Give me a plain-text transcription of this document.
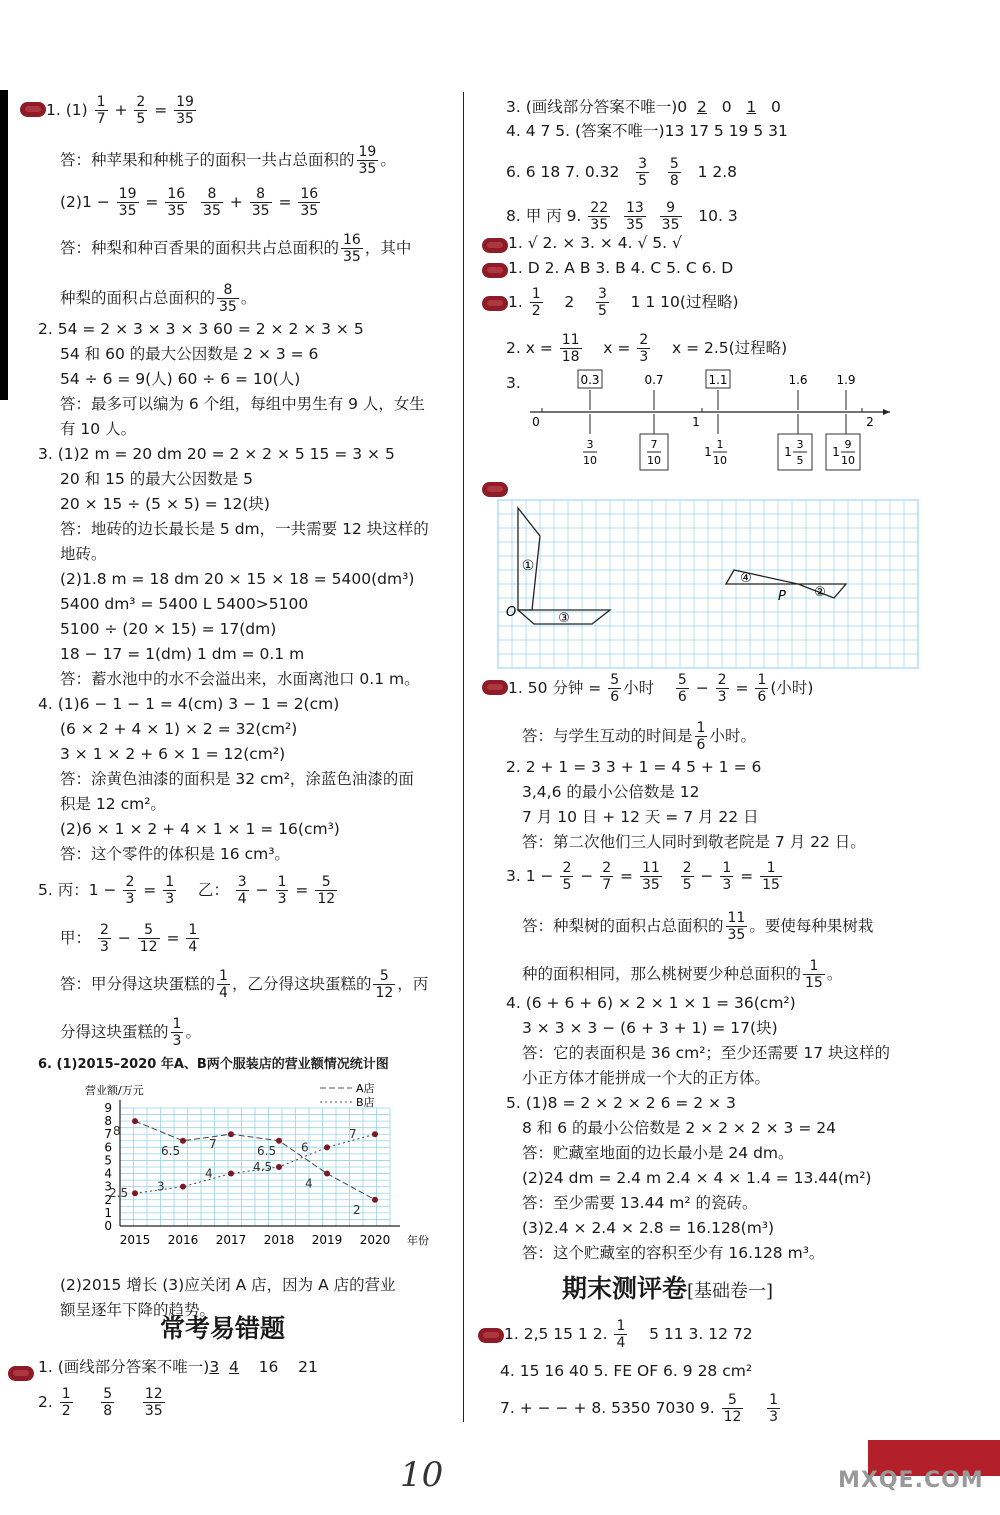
1. $(1) \frac{1}{7} + \frac{2}{5} = \frac{19}{35}$
答：种苹果和种桃子的面积一共占总面积的 $\frac{19}{35}$ 。
$(2)1 - \frac{19}{35} = \frac{16}{35}$
$\frac{8}{35} + \frac{8}{35} = \frac{16}{35}$
答：种梨和种百香果的面积共占总面积的 $\frac{16}{35}$ ，其中
种梨的面积占总面积的 $\frac{8}{35}$ 。
2. 54 = 2 × 3 × 3 × 3 60 = 2 × 2 × 3 × 5
54 和 60 的最大公因数是 2 × 3 = 6
54 ÷ 6 = 9(人) 60 ÷ 6 = 10(人)
答：最多可以编为 6 个组，每组中男生有 9 人，女生
有 10 人。
3. (1)2 m = 20 dm 20 = 2 × 2 × 5 15 = 3 × 5
20 和 15 的最大公因数是 5
20 × 15 ÷ (5 × 5) = 12(块)
答：地砖的边长最长是 5 dm，一共需要 12 块这样的
地砖。
(2)1.8 m = 18 dm 20 × 15 × 18 = 5400(dm³)
5400 dm³ = 5400 L 5400>5100
5100 ÷ (20 × 15) = 17(dm)
18 − 17 = 1(dm) 1 dm = 0.1 m
答：蓄水池中的水不会溢出来，水面离池口 0.1 m。
4. (1)6 − 1 − 1 = 4(cm) 3 − 1 = 2(cm)
(6 × 2 + 4 × 1) × 2 = 32(cm²)
3 × 1 × 2 + 6 × 1 = 12(cm²)
答：涂黄色油漆的面积是 32 cm²，涂蓝色油漆的面
积是 12 cm²。
(2)6 × 1 × 2 + 4 × 1 × 1 = 16(cm³)
答：这个零件的体积是 16 cm³。
5. 丙：$1 - \frac{2}{3} = \frac{1}{3}$ 乙： $\frac{3}{4} - \frac{1}{3} = \frac{5}{12}$
甲： $\frac{2}{3} - \frac{5}{12} = \frac{1}{4}$
答：甲分得这块蛋糕的 $\frac{1}{4}$ ，乙分得这块蛋糕的 $\frac{5}{12}$ ，丙
分得这块蛋糕的 $\frac{1}{3}$ 。
6. (1)2015–2020 年A、B两个服装店的营业额情况统计图
0
1
2
3
4
5
6
7
8
9
2015 2016 2017 2018 2019 2020 年份
营业额/万元	A店
B店
8
6.5 7	6.5
4
2
2.5 3
4	4.5
6
7
(2)2015 增长 (3)应关闭 A 店，因为 A 店的营业
额呈逐年下降的趋势。
常考易错题
1. (画线部分答案不唯一)3 4 16 21
2. $\frac{1}{2}$
$\frac{5}{8}$
$\frac{12}{35}$
3. (画线部分答案不唯一)0 2 0 1 0
4. 4 7 5. (答案不唯一)13 17 5 19 5 31
6. 6 18 7. $0.32 \frac{3}{5}$
$\frac{5}{8} 1$ 2.8
8. 甲 丙 9. $\frac{22}{35}$
$\frac{13}{35}$
$\frac{9}{35} 10$. 3
1. √ 2. × 3. × 4. √ 5. √
1. D 2. A B 3. B 4. C 5. C 6. D
1. $\frac{1}{2} 2 \frac{3}{5} 1$ 1 10(过程略)
2. $x = \frac{11}{18}$ $x = \frac{2}{3}$ x = 2.5(过程略)
3.	0.3	0.7	1.1	1.6 1.9
0	1	2
3
10
7
10
1
1
10
1
3
5
1
9
10
①
③
④
②
O
P
1. 50 分钟 = $\frac{5}{6}$ 小时 $\frac{5}{6} - \frac{2}{3} = \frac{1}{6}$ (小时)
答：与学生互动的时间是 $\frac{1}{6}$ 小时。
2. 2 + 1 = 3 3 + 1 = 4 5 + 1 = 6
3,4,6 的最小公倍数是 12
7 月 10 日 + 12 天 = 7 月 22 日
答：第二次他们三人同时到敬老院是 7 月 22 日。
3. $1 - \frac{2}{5} - \frac{2}{7} = \frac{11}{35}$
$\frac{2}{5} - \frac{1}{3} = \frac{1}{15}$
答：种梨树的面积占总面积的 $\frac{11}{35}$ 。要使每种果树栽
种的面积相同，那么桃树要少种总面积的 $\frac{1}{15}$ 。
4. (6 + 6 + 6) × 2 × 1 × 1 = 36(cm²)
3 × 3 × 3 − (6 + 3 + 1) = 17(块)
答：它的表面积是 36 cm²；至少还需要 17 块这样的
小正方体才能拼成一个大的正方体。
5. (1)8 = 2 × 2 × 2 6 = 2 × 3
8 和 6 的最小公倍数是 2 × 2 × 2 × 3 = 24
答：贮藏室地面的边长最小是 24 dm。
(2)24 dm = 2.4 m 2.4 × 4 × 1.4 = 13.44(m²)
答：至少需要 13.44 m² 的瓷砖。
(3)2.4 × 2.4 × 2.8 = 16.128(m³)
答：这个贮藏室的容积至少有 16.128 m³。
期末测评卷[基础卷一]
1. 2,5 15 1 2. $\frac{1}{4} 5$ 11 3. 12 72
4. 15 16 40 5. FE OF 6. 9 28 cm²
7. + − − + 8. 5350 7030 9. $\frac{5}{12}$
$\frac{1}{3}$
10	MXQE.COM
